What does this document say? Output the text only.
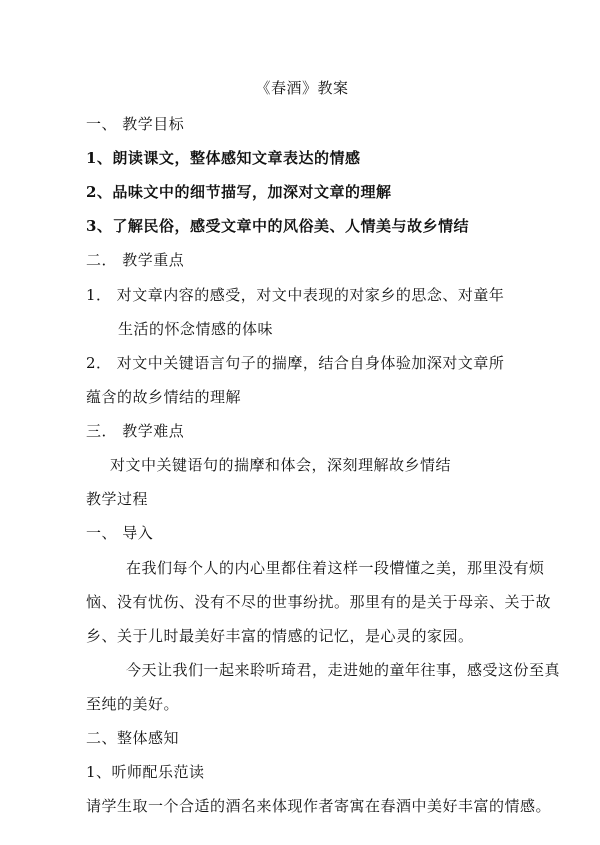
《春酒》教案
一、 教学目标
1、朗读课文，整体感知文章表达的情感
2、品味文中的细节描写，加深对文章的理解
3、了解民俗，感受文章中的风俗美、人情美与故乡情结
二． 教学重点
1． 对文章内容的感受，对文中表现的对家乡的思念、对童年
生活的怀念情感的体味
2． 对文中关键语言句子的揣摩，结合自身体验加深对文章所
蕴含的故乡情结的理解
三． 教学难点
对文中关键语句的揣摩和体会，深刻理解故乡情结
教学过程
一、 导入
在我们每个人的内心里都住着这样一段懵懂之美，那里没有烦
恼、没有忧伤、没有不尽的世事纷扰。那里有的是关于母亲、关于故
乡、关于儿时最美好丰富的情感的记忆，是心灵的家园。
今天让我们一起来聆听琦君，走进她的童年往事，感受这份至真
至纯的美好。
二、整体感知
1、听师配乐范读
请学生取一个合适的酒名来体现作者寄寓在春酒中美好丰富的情感。
